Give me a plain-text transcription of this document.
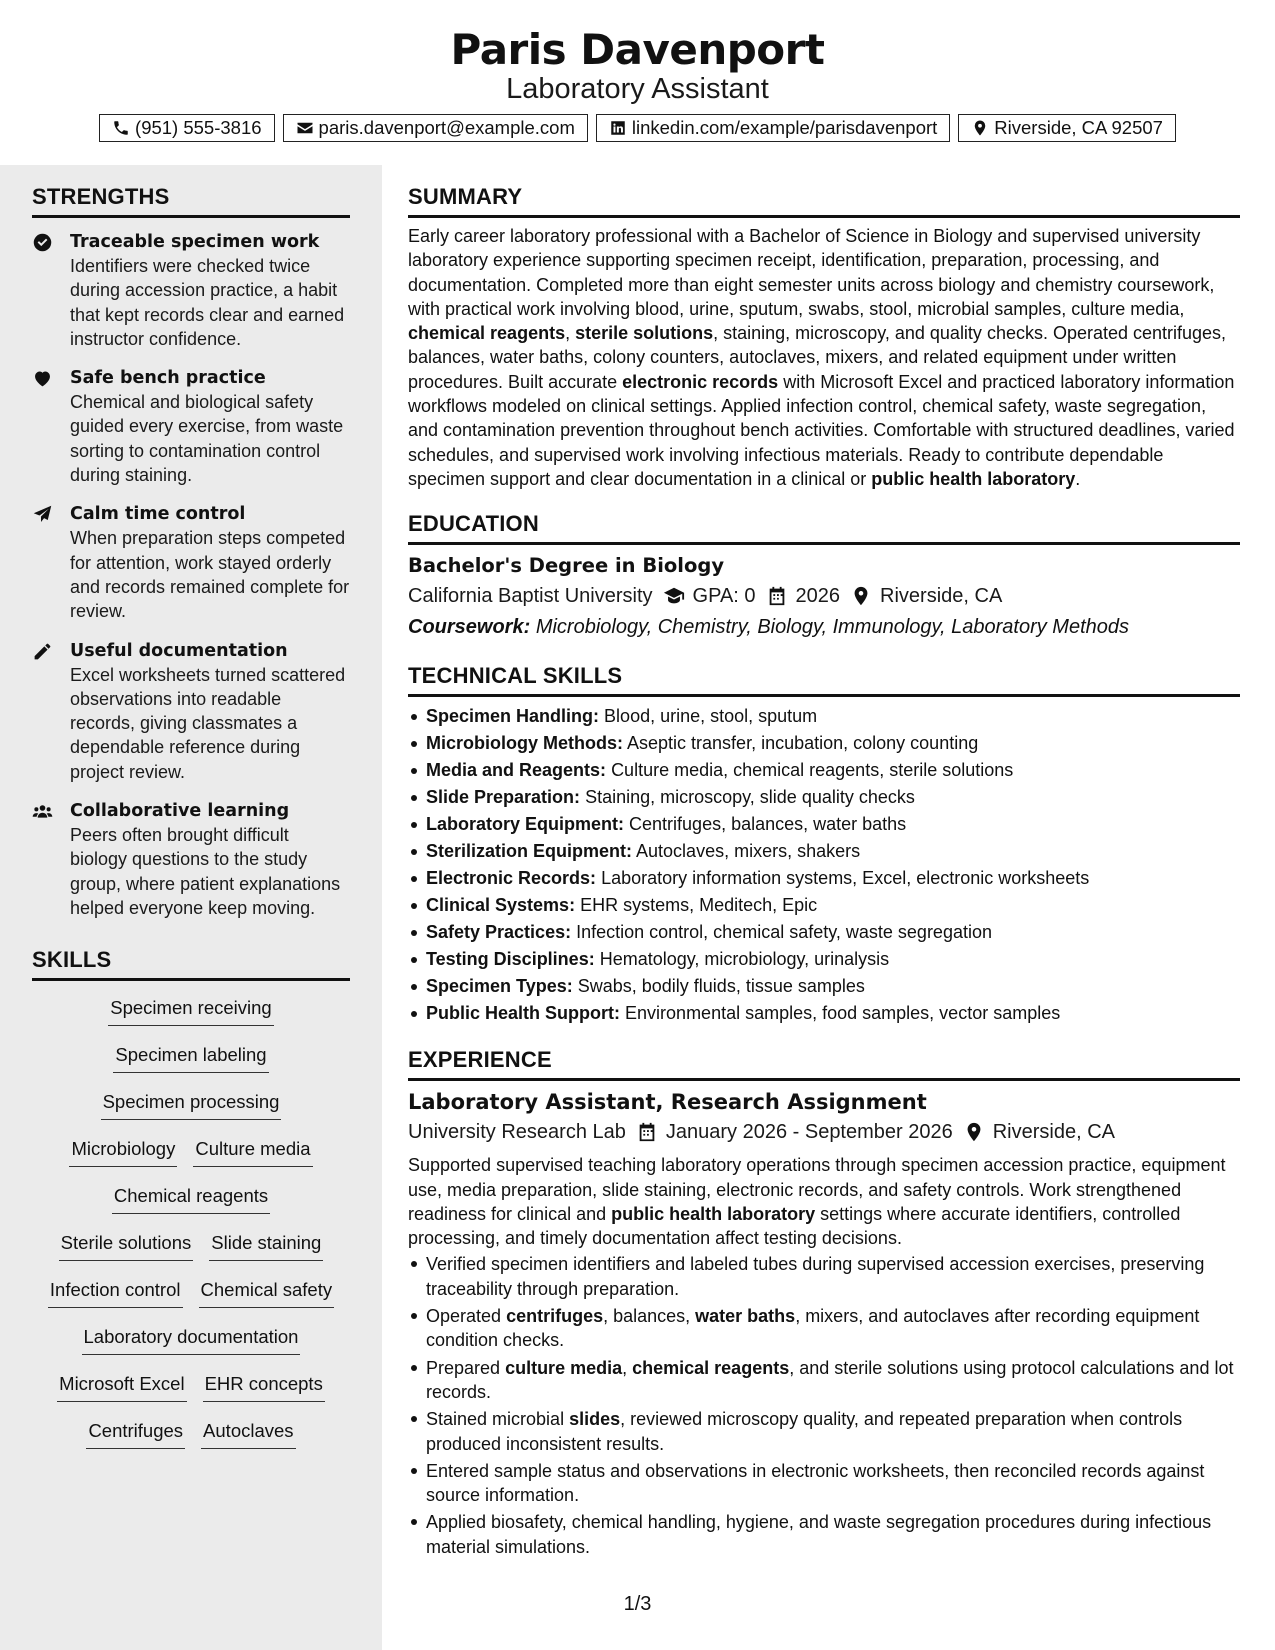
Paris Davenport
Laboratory Assistant
(951) 555-3816	paris.davenport@example.com	linkedin.com/example/parisdavenport	Riverside, CA 92507
STRENGTHS
Traceable specimen work
Identifiers were checked twice during accession practice, a habit that kept records clear and earned instructor confidence.
Safe bench practice
Chemical and biological safety guided every exercise, from waste sorting to contamination control during staining.
Calm time control
When preparation steps competed for attention, work stayed orderly and records remained complete for review.
Useful documentation
Excel worksheets turned scattered observations into readable records, giving classmates a dependable reference during project review.
Collaborative learning
Peers often brought difficult biology questions to the study group, where patient explanations helped everyone keep moving.
SKILLS
Specimen receiving
Specimen labeling
Specimen processing
Microbiology Culture media
Chemical reagents
Sterile solutions Slide staining
Infection control Chemical safety
Laboratory documentation
Microsoft Excel EHR concepts
Centrifuges Autoclaves
SUMMARY

Early career laboratory professional with a Bachelor of Science in Biology and supervised university laboratory experience supporting specimen receipt, identification, preparation, processing, and documentation. Completed more than eight semester units across biology and chemistry coursework, with practical work involving blood, urine, sputum, swabs, stool, microbial samples, culture media, chemical reagents, sterile solutions, staining, microscopy, and quality checks. Operated centrifuges, balances, water baths, colony counters, autoclaves, mixers, and related equipment under written procedures. Built accurate electronic records with Microsoft Excel and practiced laboratory information workflows modeled on clinical settings. Applied infection control, chemical safety, waste segregation, and contamination prevention throughout bench activities. Comfortable with structured deadlines, varied schedules, and supervised work involving infectious materials. Ready to contribute dependable specimen support and clear documentation in a clinical or public health laboratory.

EDUCATION
Bachelor's Degree in Biology
California Baptist University GPA: 0 2026 Riverside, CA
Coursework: Microbiology, Chemistry, Biology, Immunology, Laboratory Methods
TECHNICAL SKILLS
Specimen Handling: Blood, urine, stool, sputum
Microbiology Methods: Aseptic transfer, incubation, colony counting
Media and Reagents: Culture media, chemical reagents, sterile solutions
Slide Preparation: Staining, microscopy, slide quality checks
Laboratory Equipment: Centrifuges, balances, water baths
Sterilization Equipment: Autoclaves, mixers, shakers
Electronic Records: Laboratory information systems, Excel, electronic worksheets
Clinical Systems: EHR systems, Meditech, Epic
Safety Practices: Infection control, chemical safety, waste segregation
Testing Disciplines: Hematology, microbiology, urinalysis
Specimen Types: Swabs, bodily fluids, tissue samples
Public Health Support: Environmental samples, food samples, vector samples
EXPERIENCE
Laboratory Assistant, Research Assignment
University Research Lab January 2026 - September 2026 Riverside, CA

Supported supervised teaching laboratory operations through specimen accession practice, equipment use, media preparation, slide staining, electronic records, and safety controls. Work strengthened readiness for clinical and public health laboratory settings where accurate identifiers, controlled processing, and timely documentation affect testing decisions.

Verified specimen identifiers and labeled tubes during supervised accession exercises, preserving traceability through preparation.
Operated centrifuges, balances, water baths, mixers, and autoclaves after recording equipment condition checks.
Prepared culture media, chemical reagents, and sterile solutions using protocol calculations and lot records.
Stained microbial slides, reviewed microscopy quality, and repeated preparation when controls produced inconsistent results.
Entered sample status and observations in electronic worksheets, then reconciled records against source information.
Applied biosafety, chemical handling, hygiene, and waste segregation procedures during infectious material simulations.
1/3
